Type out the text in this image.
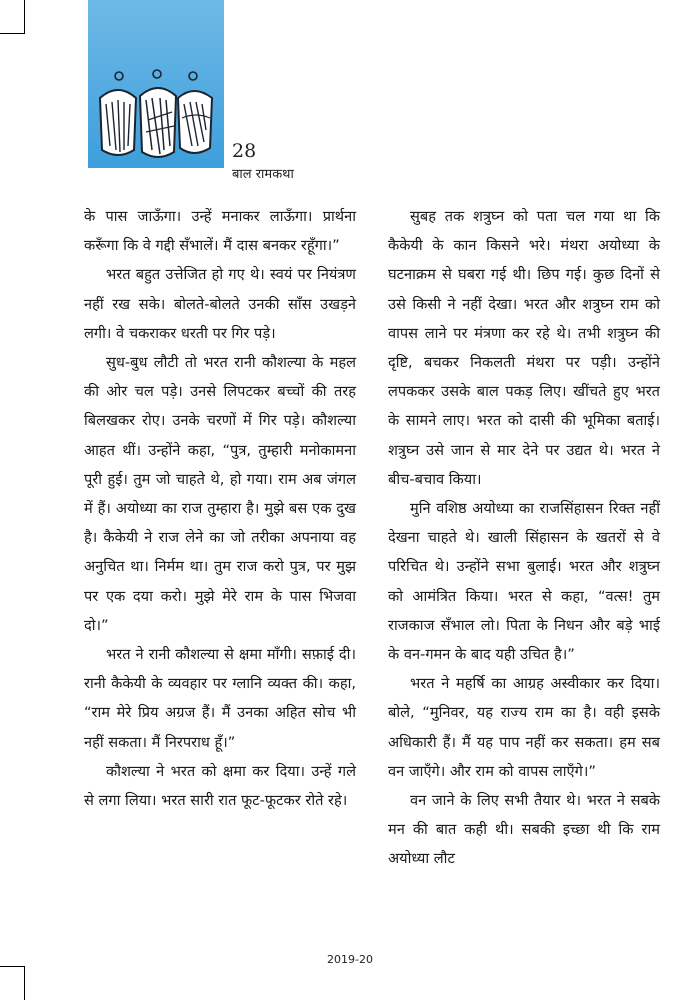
28
बाल रामकथा

के पास जाऊँगा। उन्हें मनाकर लाऊँगा। प्रार्थना करूँगा कि वे गद्दी सँभालें। मैं दास बनकर रहूँगा।”

भरत बहुत उत्तेजित हो गए थे। स्वयं पर नियंत्रण नहीं रख सके। बोलते-बोलते उनकी साँस उखड़ने लगी। वे चकराकर धरती पर गिर पड़े।

सुध-बुध लौटी तो भरत रानी कौशल्या के महल की ओर चल पड़े। उनसे लिपटकर बच्चों की तरह बिलखकर रोए। उनके चरणों में गिर पड़े। कौशल्या आहत थीं। उन्होंने कहा, “पुत्र, तुम्हारी मनोकामना पूरी हुई। तुम जो चाहते थे, हो गया। राम अब जंगल में हैं। अयोध्या का राज तुम्हारा है। मुझे बस एक दुख है। कैकेयी ने राज लेने का जो तरीका अपनाया वह अनुचित था। निर्मम था। तुम राज करो पुत्र, पर मुझ पर एक दया करो। मुझे मेरे राम के पास भिजवा दो।”

भरत ने रानी कौशल्या से क्षमा माँगी। सफ़ाई दी। रानी कैकेयी के व्यवहार पर ग्लानि व्यक्त की। कहा, “राम मेरे प्रिय अग्रज हैं। मैं उनका अहित सोच भी नहीं सकता। मैं निरपराध हूँ।”

कौशल्या ने भरत को क्षमा कर दिया। उन्हें गले से लगा लिया। भरत सारी रात फूट-फूटकर रोते रहे।

सुबह तक शत्रुघ्न को पता चल गया था कि कैकेयी के कान किसने भरे। मंथरा अयोध्या के घटनाक्रम से घबरा गई थी। छिप गई। कुछ दिनों से उसे किसी ने नहीं देखा। भरत और शत्रुघ्न राम को वापस लाने पर मंत्रणा कर रहे थे। तभी शत्रुघ्न की दृष्टि, बचकर निकलती मंथरा पर पड़ी। उन्होंने लपककर उसके बाल पकड़ लिए। खींचते हुए भरत के सामने लाए। भरत को दासी की भूमिका बताई। शत्रुघ्न उसे जान से मार देने पर उद्यत थे। भरत ने बीच-बचाव किया।

मुनि वशिष्ठ अयोध्या का राजसिंहासन रिक्त नहीं देखना चाहते थे। खाली सिंहासन के खतरों से वे परिचित थे। उन्होंने सभा बुलाई। भरत और शत्रुघ्न को आमंत्रित किया। भरत से कहा, “वत्स! तुम राजकाज सँभाल लो। पिता के निधन और बड़े भाई के वन-गमन के बाद यही उचित है।”

भरत ने महर्षि का आग्रह अस्वीकार कर दिया। बोले, “मुनिवर, यह राज्य राम का है। वही इसके अधिकारी हैं। मैं यह पाप नहीं कर सकता। हम सब वन जाएँगे। और राम को वापस लाएँगे।”

वन जाने के लिए सभी तैयार थे। भरत ने सबके मन की बात कही थी। सबकी इच्छा थी कि राम अयोध्या लौट

2019-20
